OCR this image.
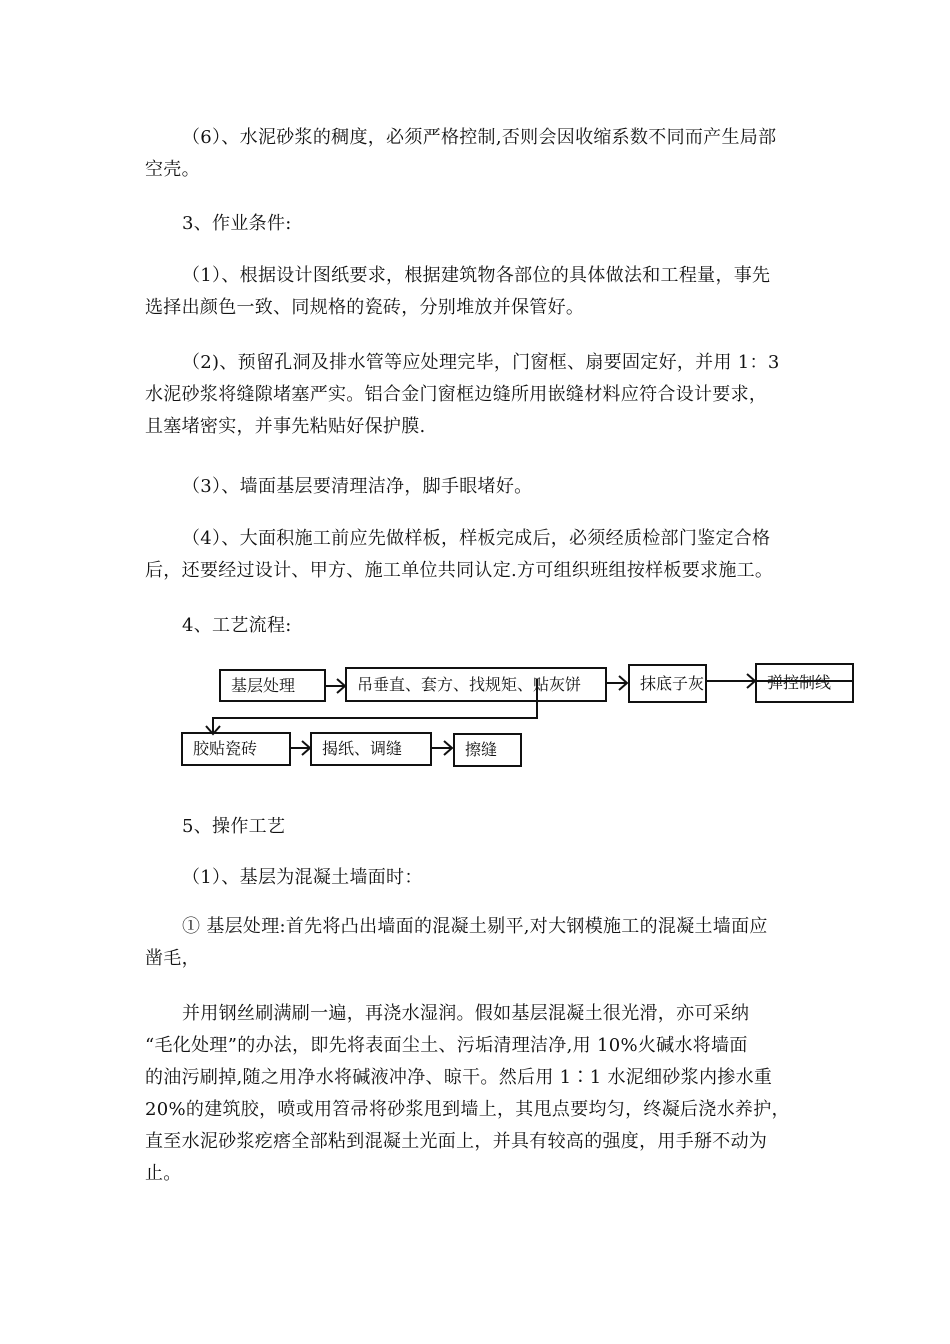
（6）、水泥砂浆的稠度，必须严格控制,否则会因收缩系数不同而产生局部
空壳。

3、作业条件:

（1）、根据设计图纸要求，根据建筑物各部位的具体做法和工程量，事先
选择出颜色一致、同规格的瓷砖，分别堆放并保管好。

（2)、预留孔洞及排水管等应处理完毕，门窗框、扇要固定好，并用 1：3
水泥砂浆将缝隙堵塞严实。铝合金门窗框边缝所用嵌缝材料应符合设计要求，
且塞堵密实，并事先粘贴好保护膜.

（3）、墙面基层要清理洁净，脚手眼堵好。

（4）、大面积施工前应先做样板，样板完成后，必须经质检部门鉴定合格
后，还要经过设计、甲方、施工单位共同认定.方可组织班组按样板要求施工。

4、工艺流程:

基层处理	吊垂直、套方、找规矩、贴灰饼	抹底子灰	弹控制线
胶贴瓷砖	揭纸、调缝	擦缝

5、操作工艺

（1）、基层为混凝土墙面时：

① 基层处理:首先将凸出墙面的混凝土剔平,对大钢模施工的混凝土墙面应
凿毛，

并用钢丝刷满刷一遍，再浇水湿润。假如基层混凝土很光滑，亦可采纳
“毛化处理”的办法，即先将表面尘土、污垢清理洁净,用 10%火碱水将墙面
的油污刷掉,随之用净水将碱液冲净、晾干。然后用 1∶1 水泥细砂浆内掺水重
20%的建筑胶，喷或用笤帚将砂浆甩到墙上，其甩点要均匀，终凝后浇水养护，
直至水泥砂浆疙瘩全部粘到混凝土光面上，并具有较高的强度，用手掰不动为
止。
